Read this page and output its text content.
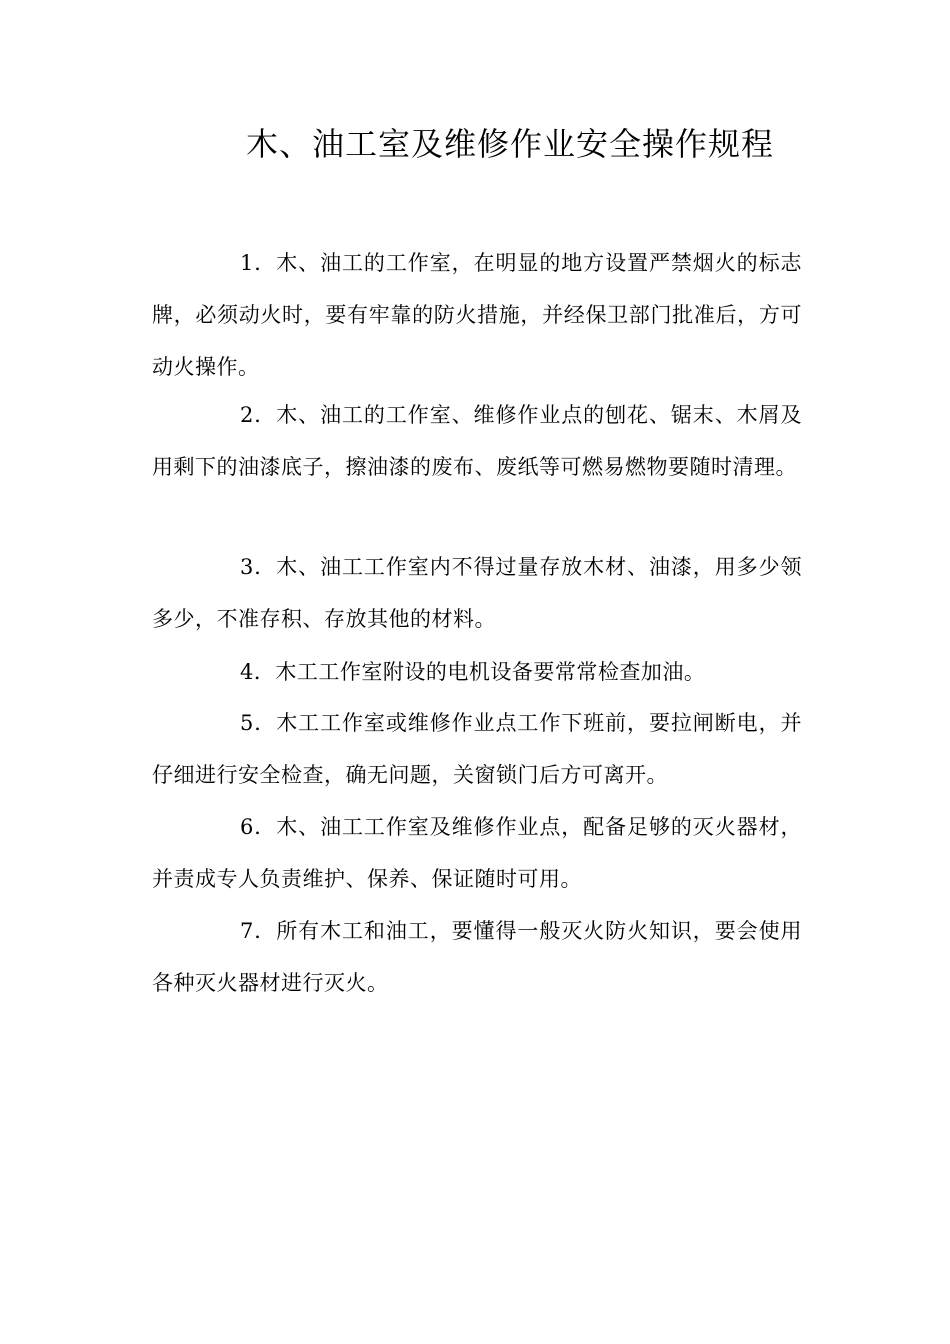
木、油工室及维修作业安全操作规程

1．木、油工的工作室，在明显的地方设置严禁烟火的标志牌，必须动火时，要有牢靠的防火措施，并经保卫部门批准后，方可动火操作。

2．木、油工的工作室、维修作业点的刨花、锯末、木屑及用剩下的油漆底子，擦油漆的废布、废纸等可燃易燃物要随时清理。

3．木、油工工作室内不得过量存放木材、油漆，用多少领多少，不准存积、存放其他的材料。

4．木工工作室附设的电机设备要常常检查加油。

5．木工工作室或维修作业点工作下班前，要拉闸断电，并仔细进行安全检查，确无问题，关窗锁门后方可离开。

6．木、油工工作室及维修作业点，配备足够的灭火器材，并责成专人负责维护、保养、保证随时可用。

7．所有木工和油工，要懂得一般灭火防火知识，要会使用各种灭火器材进行灭火。
